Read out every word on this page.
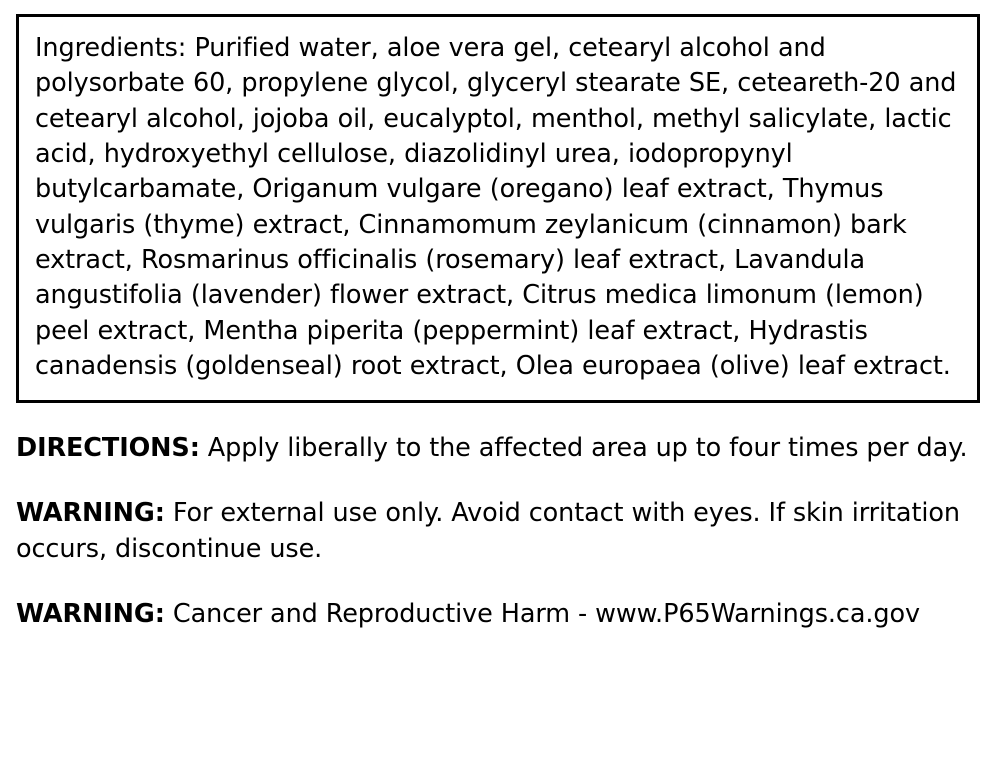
Ingredients: Purified water, aloe vera gel, cetearyl alcohol and polysorbate 60, propylene glycol, glyceryl stearate SE, ceteareth-20 and cetearyl alcohol, jojoba oil, eucalyptol, menthol, methyl salicylate, lactic acid, hydroxyethyl cellulose, diazolidinyl urea, iodopropynyl butylcarbamate, Origanum vulgare (oregano) leaf extract, Thymus vulgaris (thyme) extract, Cinnamomum zeylanicum (cinnamon) bark extract, Rosmarinus officinalis (rosemary) leaf extract, Lavandula angustifolia (lavender) flower extract, Citrus medica limonum (lemon) peel extract, Mentha piperita (peppermint) leaf extract, Hydrastis canadensis (goldenseal) root extract, Olea europaea (olive) leaf extract.

DIRECTIONS: Apply liberally to the affected area up to four times per day.

WARNING: For external use only. Avoid contact with eyes. If skin irritation occurs, discontinue use.

WARNING: Cancer and Reproductive Harm - www.P65Warnings.ca.gov
